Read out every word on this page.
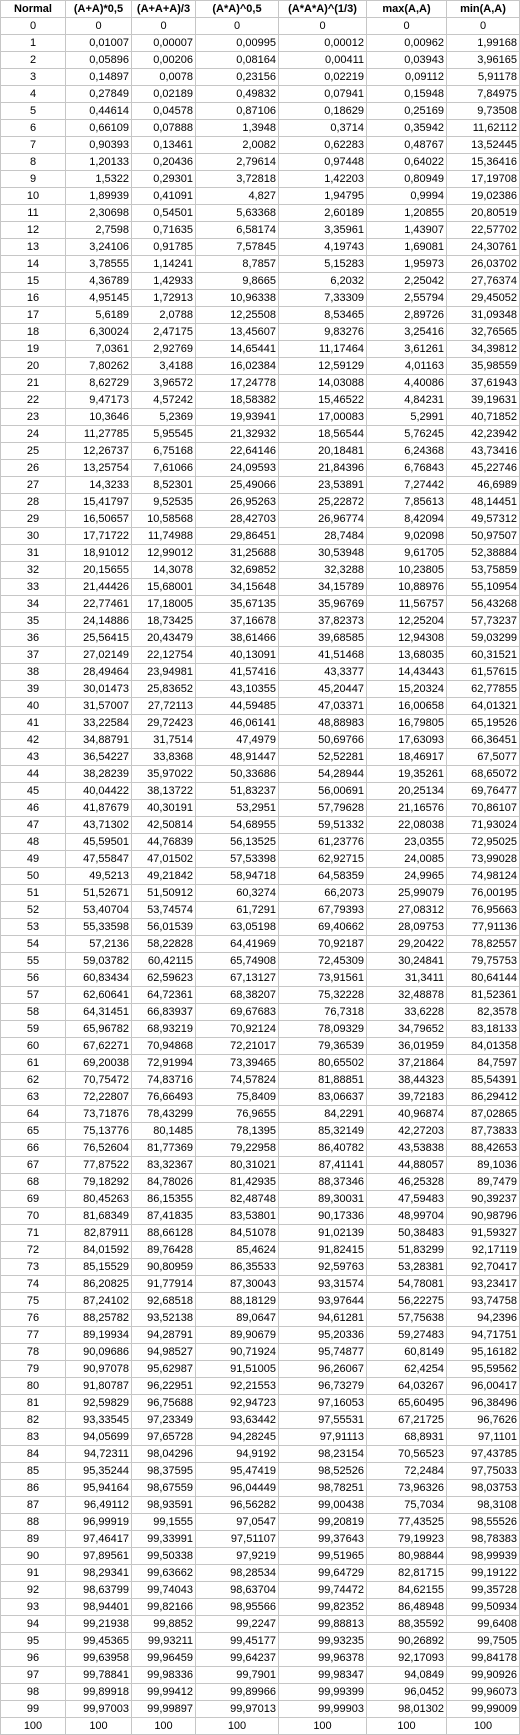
Normal	(A+A)*0,5	(A+A+A)/3	(A*A)^0,5	(A*A*A)^(1/3)	max(A,A)	min(A,A)
0	0	0	0	0	0	0
1	0,01007	0,00007	0,00995	0,00012	0,00962	1,99168
2	0,05896	0,00206	0,08164	0,00411	0,03943	3,96165
3	0,14897	0,0078	0,23156	0,02219	0,09112	5,91178
4	0,27849	0,02189	0,49832	0,07941	0,15948	7,84975
5	0,44614	0,04578	0,87106	0,18629	0,25169	9,73508
6	0,66109	0,07888	1,3948	0,3714	0,35942	11,62112
7	0,90393	0,13461	2,0082	0,62283	0,48767	13,52445
8	1,20133	0,20436	2,79614	0,97448	0,64022	15,36416
9	1,5322	0,29301	3,72818	1,42203	0,80949	17,19708
10	1,89939	0,41091	4,827	1,94795	0,9994	19,02386
11	2,30698	0,54501	5,63368	2,60189	1,20855	20,80519
12	2,7598	0,71635	6,58174	3,35961	1,43907	22,57702
13	3,24106	0,91785	7,57845	4,19743	1,69081	24,30761
14	3,78555	1,14241	8,7857	5,15283	1,95973	26,03702
15	4,36789	1,42933	9,8665	6,2032	2,25042	27,76374
16	4,95145	1,72913	10,96338	7,33309	2,55794	29,45052
17	5,6189	2,0788	12,25508	8,53465	2,89726	31,09348
18	6,30024	2,47175	13,45607	9,83276	3,25416	32,76565
19	7,0361	2,92769	14,65441	11,17464	3,61261	34,39812
20	7,80262	3,4188	16,02384	12,59129	4,01163	35,98559
21	8,62729	3,96572	17,24778	14,03088	4,40086	37,61943
22	9,47173	4,57242	18,58382	15,46522	4,84231	39,19631
23	10,3646	5,2369	19,93941	17,00083	5,2991	40,71852
24	11,27785	5,95545	21,32932	18,56544	5,76245	42,23942
25	12,26737	6,75168	22,64146	20,18481	6,24368	43,73416
26	13,25754	7,61066	24,09593	21,84396	6,76843	45,22746
27	14,3233	8,52301	25,49066	23,53891	7,27442	46,6989
28	15,41797	9,52535	26,95263	25,22872	7,85613	48,14451
29	16,50657	10,58568	28,42703	26,96774	8,42094	49,57312
30	17,71722	11,74988	29,86451	28,7484	9,02098	50,97507
31	18,91012	12,99012	31,25688	30,53948	9,61705	52,38884
32	20,15655	14,3078	32,69852	32,3288	10,23805	53,75859
33	21,44426	15,68001	34,15648	34,15789	10,88976	55,10954
34	22,77461	17,18005	35,67135	35,96769	11,56757	56,43268
35	24,14886	18,73425	37,16678	37,82373	12,25204	57,73237
36	25,56415	20,43479	38,61466	39,68585	12,94308	59,03299
37	27,02149	22,12754	40,13091	41,51468	13,68035	60,31521
38	28,49464	23,94981	41,57416	43,3377	14,43443	61,57615
39	30,01473	25,83652	43,10355	45,20447	15,20324	62,77855
40	31,57007	27,72113	44,59485	47,03371	16,00658	64,01321
41	33,22584	29,72423	46,06141	48,88983	16,79805	65,19526
42	34,88791	31,7514	47,4979	50,69766	17,63093	66,36451
43	36,54227	33,8368	48,91447	52,52281	18,46917	67,5077
44	38,28239	35,97022	50,33686	54,28944	19,35261	68,65072
45	40,04422	38,13722	51,83237	56,00691	20,25134	69,76477
46	41,87679	40,30191	53,2951	57,79628	21,16576	70,86107
47	43,71302	42,50814	54,68955	59,51332	22,08038	71,93024
48	45,59501	44,76839	56,13525	61,23776	23,0355	72,95025
49	47,55847	47,01502	57,53398	62,92715	24,0085	73,99028
50	49,5213	49,21842	58,94718	64,58359	24,9965	74,98124
51	51,52671	51,50912	60,3274	66,2073	25,99079	76,00195
52	53,40704	53,74574	61,7291	67,79393	27,08312	76,95663
53	55,33598	56,01539	63,05198	69,40662	28,09753	77,91136
54	57,2136	58,22828	64,41969	70,92187	29,20422	78,82557
55	59,03782	60,42115	65,74908	72,45309	30,24841	79,75753
56	60,83434	62,59623	67,13127	73,91561	31,3411	80,64144
57	62,60641	64,72361	68,38207	75,32228	32,48878	81,52361
58	64,31451	66,83937	69,67683	76,7318	33,6228	82,3578
59	65,96782	68,93219	70,92124	78,09329	34,79652	83,18133
60	67,62271	70,94868	72,21017	79,36539	36,01959	84,01358
61	69,20038	72,91994	73,39465	80,65502	37,21864	84,7597
62	70,75472	74,83716	74,57824	81,88851	38,44323	85,54391
63	72,22807	76,66493	75,8409	83,06637	39,72183	86,29412
64	73,71876	78,43299	76,9655	84,2291	40,96874	87,02865
65	75,13776	80,1485	78,1395	85,32149	42,27203	87,73833
66	76,52604	81,77369	79,22958	86,40782	43,53838	88,42653
67	77,87522	83,32367	80,31021	87,41141	44,88057	89,1036
68	79,18292	84,78026	81,42935	88,37346	46,25328	89,7479
69	80,45263	86,15355	82,48748	89,30031	47,59483	90,39237
70	81,68349	87,41835	83,53801	90,17336	48,99704	90,98796
71	82,87911	88,66128	84,51078	91,02139	50,38483	91,59327
72	84,01592	89,76428	85,4624	91,82415	51,83299	92,17119
73	85,15529	90,80959	86,35533	92,59763	53,28381	92,70417
74	86,20825	91,77914	87,30043	93,31574	54,78081	93,23417
75	87,24102	92,68518	88,18129	93,97644	56,22275	93,74758
76	88,25782	93,52138	89,0647	94,61281	57,75638	94,2396
77	89,19934	94,28791	89,90679	95,20336	59,27483	94,71751
78	90,09686	94,98527	90,71924	95,74877	60,8149	95,16182
79	90,97078	95,62987	91,51005	96,26067	62,4254	95,59562
80	91,80787	96,22951	92,21553	96,73279	64,03267	96,00417
81	92,59829	96,75688	92,94723	97,16053	65,60495	96,38496
82	93,33545	97,23349	93,63442	97,55531	67,21725	96,7626
83	94,05699	97,65728	94,28245	97,91113	68,8931	97,1101
84	94,72311	98,04296	94,9192	98,23154	70,56523	97,43785
85	95,35244	98,37595	95,47419	98,52526	72,2484	97,75033
86	95,94164	98,67559	96,04449	98,78251	73,96326	98,03753
87	96,49112	98,93591	96,56282	99,00438	75,7034	98,3108
88	96,99919	99,1555	97,0547	99,20819	77,43525	98,55526
89	97,46417	99,33991	97,51107	99,37643	79,19923	98,78383
90	97,89561	99,50338	97,9219	99,51965	80,98844	98,99939
91	98,29341	99,63662	98,28534	99,64729	82,81715	99,19122
92	98,63799	99,74043	98,63704	99,74472	84,62155	99,35728
93	98,94401	99,82166	98,95566	99,82352	86,48948	99,50934
94	99,21938	99,8852	99,2247	99,88813	88,35592	99,6408
95	99,45365	99,93211	99,45177	99,93235	90,26892	99,7505
96	99,63958	99,96459	99,64237	99,96378	92,17093	99,84178
97	99,78841	99,98336	99,7901	99,98347	94,0849	99,90926
98	99,89918	99,99412	99,89966	99,99399	96,0452	99,96073
99	99,97003	99,99897	99,97013	99,99903	98,01302	99,99009
100	100	100	100	100	100	100
